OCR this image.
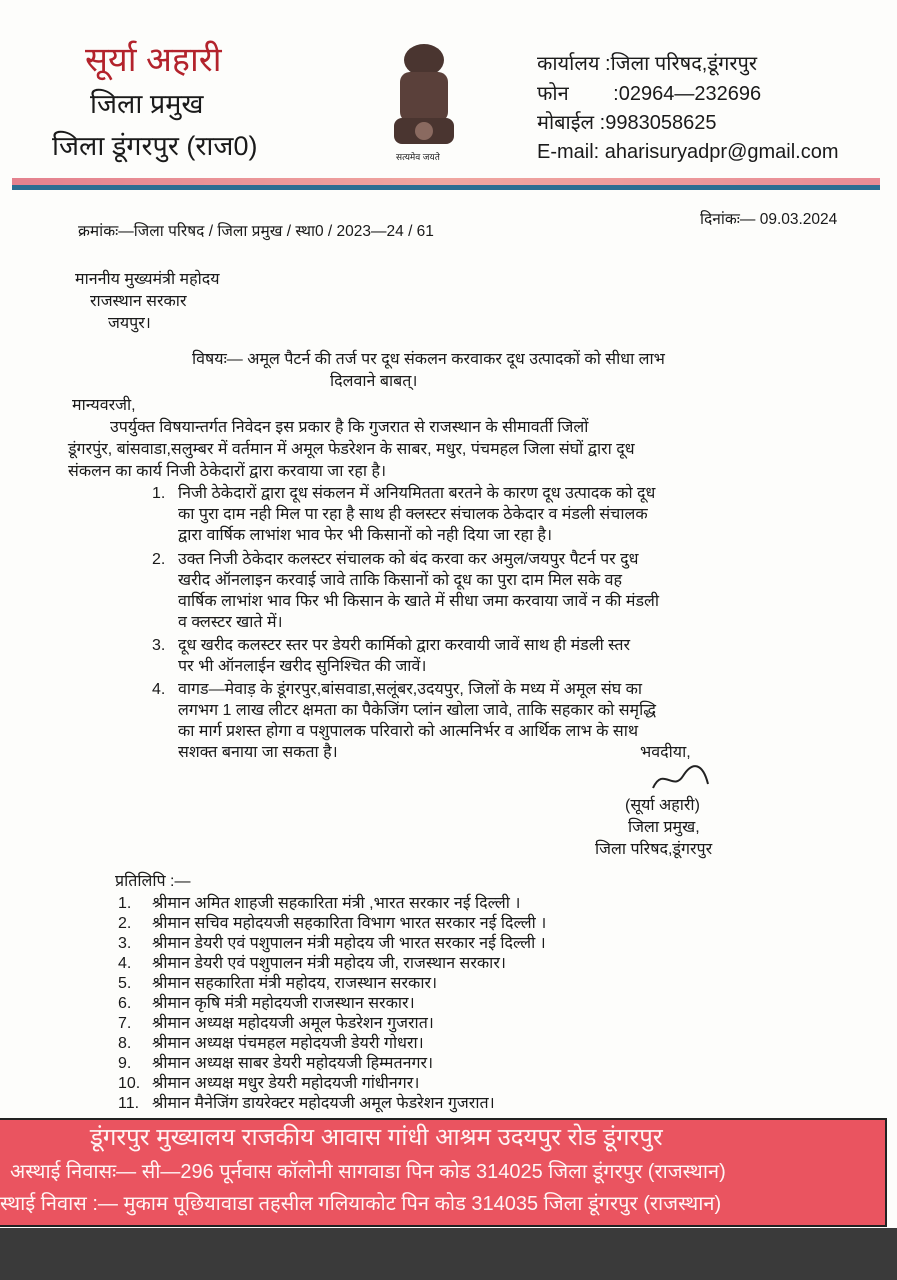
सूर्या अहारी
जिला प्रमुख
जिला डूंगरपुर (राज0)	सत्यमेव जयते
कार्यालय :जिला परिषद,डूंगरपुर
फोन        :02964—232696
मोबाईल :9983058625
E-mail: aharisuryadpr@gmail.com
क्रमांकः—जिला परिषद / जिला प्रमुख / स्था0 / 2023—24 / 61
दिनांकः— 09.03.2024
माननीय मुख्यमंत्री महोदय
राजस्थान सरकार
जयपुर।
विषयः— अमूल पैटर्न की तर्ज पर दूध संकलन करवाकर दूध उत्पादकों को सीधा लाभ
दिलवाने बाबत्।
मान्यवरजी,
उपर्युक्त विषयान्तर्गत निवेदन इस प्रकार है कि गुजरात से राजस्थान के सीमावर्ती जिलों
डूंगरपुंर, बांसवाडा,सलुम्बर में वर्तमान में अमूल फेडरेशन के साबर, मधुर, पंचमहल जिला संघों द्वारा दूध
संकलन का कार्य निजी ठेकेदारों द्वारा करवाया जा रहा है।
1. निजी ठेकेदारों द्वारा दूध संकलन में अनियमितता बरतने के कारण दूध उत्पादक को दूध
का पुरा दाम नही मिल पा रहा है साथ ही क्लस्टर संचालक ठेकेदार व मंडली संचालक
द्वारा वार्षिक लाभांश भाव फेर भी किसानों को नही दिया जा रहा है।
2. उक्त निजी ठेकेदार कलस्टर संचालक को बंद करवा कर अमुल/जयपुर पैटर्न पर दुध
खरीद ऑनलाइन करवाई जावे ताकि किसानों को दूध का पुरा दाम मिल सके वह
वार्षिक लाभांश भाव फिर भी किसान के खाते में सीधा जमा करवाया जावें न की मंडली
व क्लस्टर खाते में।
3. दूध खरीद कलस्टर स्तर पर डेयरी कार्मिको द्वारा करवायी जावें साथ ही मंडली स्तर
पर भी ऑनलाईन खरीद सुनिश्चित की जावें।
4. वागड—मेवाड़ के डूंगरपुर,बांसवाडा,सलूंबर,उदयपुर, जिलों के मध्य में अमूल संघ का
लगभग 1 लाख लीटर क्षमता का पैकेजिंग प्लांन खोला जावे, ताकि सहकार को समृद्धि
का मार्ग प्रशस्त होगा व पशुपालक परिवारो को आत्मनिर्भर व आर्थिक लाभ के साथ
सशक्त बनाया जा सकता है।	भवदीया,
(सूर्या अहारी)
जिला प्रमुख,
जिला परिषद,डूंगरपुर
प्रतिलिपि :—
1. श्रीमान अमित शाहजी सहकारिता मंत्री ,भारत सरकार नई दिल्ली ।
2. श्रीमान सचिव महोदयजी सहकारिता विभाग भारत सरकार नई दिल्ली ।
3. श्रीमान डेयरी एवं पशुपालन मंत्री महोदय जी भारत सरकार नई दिल्ली ।
4. श्रीमान डेयरी एवं पशुपालन मंत्री महोदय जी, राजस्थान सरकार।
5. श्रीमान सहकारिता मंत्री महोदय, राजस्थान सरकार।
6. श्रीमान कृषि मंत्री महोदयजी राजस्थान सरकार।
7. श्रीमान अध्यक्ष महोदयजी अमूल फेडरेशन गुजरात।
8. श्रीमान अध्यक्ष पंचमहल महोदयजी डेयरी गोधरा।
9. श्रीमान अध्यक्ष साबर डेयरी महोदयजी हिम्मतनगर।
10. श्रीमान अध्यक्ष मधुर डेयरी महोदयजी गांधीनगर।
11. श्रीमान मैनेजिंग डायरेक्टर महोदयजी अमूल फेडरेशन गुजरात।
डूंगरपुर मुख्यालय राजकीय आवास गांधी आश्रम उदयपुर रोड डूंगरपुर
अस्थाई निवासः— सी—296 पूर्नवास कॉलोनी सागवाडा पिन कोड 314025 जिला डूंगरपुर (राजस्थान)
स्थाई निवास :— मुकाम पूछियावाडा तहसील गलियाकोट पिन कोड 314035 जिला डूंगरपुर (राजस्थान)
